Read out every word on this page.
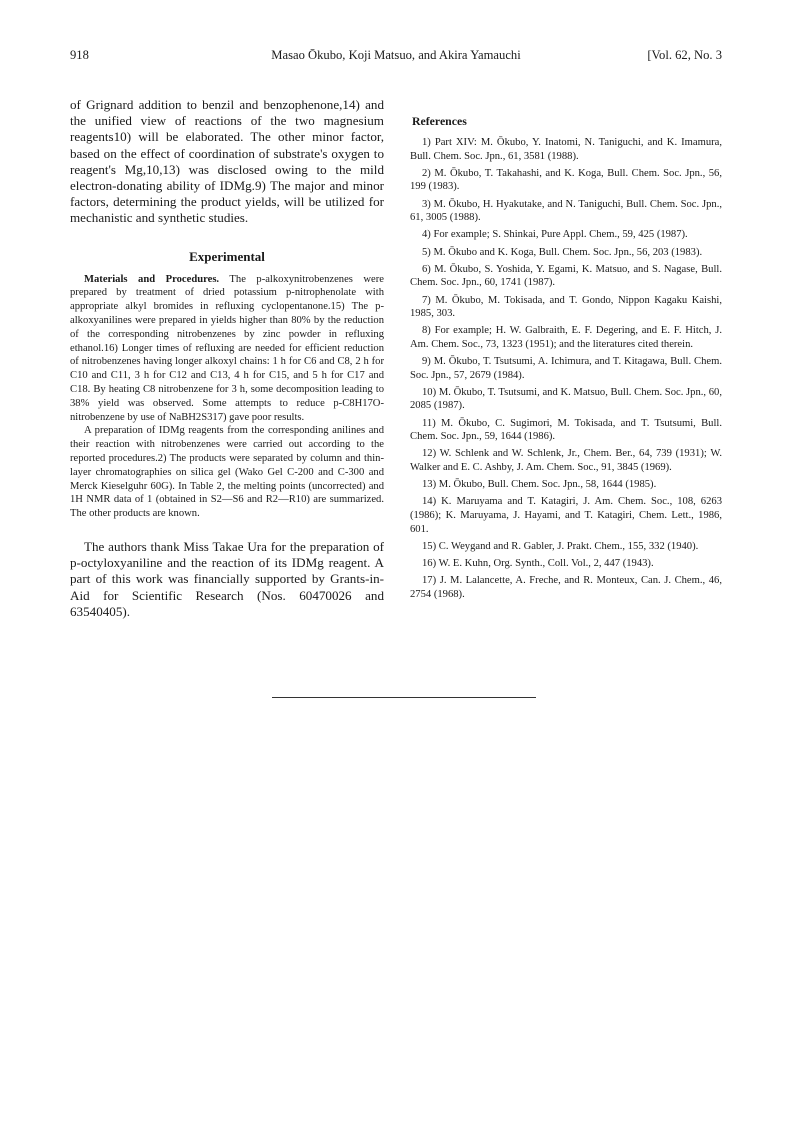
918	Masao Ōkubo, Koji Matsuo, and Akira Yamauchi	[Vol. 62, No. 3

of Grignard addition to benzil and benzophenone,14) and the unified view of reactions of the two magnesium reagents10) will be elaborated. The other minor factor, based on the effect of coordination of substrate's oxygen to reagent's Mg,10,13) was disclosed owing to the mild electron-donating ability of IDMg.9) The major and minor factors, determining the product yields, will be utilized for mechanistic and synthetic studies.

Experimental

Materials and Procedures. The p-alkoxynitrobenzenes were prepared by treatment of dried potassium p-nitrophenolate with appropriate alkyl bromides in refluxing cyclopentanone.15) The p-alkoxyanilines were prepared in yields higher than 80% by the reduction of the corresponding nitrobenzenes by zinc powder in refluxing ethanol.16) Longer times of refluxing are needed for efficient reduction of nitrobenzenes having longer alkoxyl chains: 1 h for C6 and C8, 2 h for C10 and C11, 3 h for C12 and C13, 4 h for C15, and 5 h for C17 and C18. By heating C8 nitrobenzene for 3 h, some decomposition leading to 38% yield was observed. Some attempts to reduce p-C8H17O-nitrobenzene by use of NaBH2S317) gave poor results.

A preparation of IDMg reagents from the corresponding anilines and their reaction with nitrobenzenes were carried out according to the reported procedures.2) The products were separated by column and thin-layer chromatographies on silica gel (Wako Gel C-200 and C-300 and Merck Kieselguhr 60G). In Table 2, the melting points (uncorrected) and 1H NMR data of 1 (obtained in S2—S6 and R2—R10) are summarized. The other products are known.

The authors thank Miss Takae Ura for the preparation of p-octyloxyaniline and the reaction of its IDMg reagent. A part of this work was financially supported by Grants-in-Aid for Scientific Research (Nos. 60470026 and 63540405).

References

1) Part XIV: M. Ōkubo, Y. Inatomi, N. Taniguchi, and K. Imamura, Bull. Chem. Soc. Jpn., 61, 3581 (1988).

2) M. Ōkubo, T. Takahashi, and K. Koga, Bull. Chem. Soc. Jpn., 56, 199 (1983).

3) M. Ōkubo, H. Hyakutake, and N. Taniguchi, Bull. Chem. Soc. Jpn., 61, 3005 (1988).

4) For example; S. Shinkai, Pure Appl. Chem., 59, 425 (1987).

5) M. Ōkubo and K. Koga, Bull. Chem. Soc. Jpn., 56, 203 (1983).

6) M. Ōkubo, S. Yoshida, Y. Egami, K. Matsuo, and S. Nagase, Bull. Chem. Soc. Jpn., 60, 1741 (1987).

7) M. Ōkubo, M. Tokisada, and T. Gondo, Nippon Kagaku Kaishi, 1985, 303.

8) For example; H. W. Galbraith, E. F. Degering, and E. F. Hitch, J. Am. Chem. Soc., 73, 1323 (1951); and the literatures cited therein.

9) M. Ōkubo, T. Tsutsumi, A. Ichimura, and T. Kitagawa, Bull. Chem. Soc. Jpn., 57, 2679 (1984).

10) M. Ōkubo, T. Tsutsumi, and K. Matsuo, Bull. Chem. Soc. Jpn., 60, 2085 (1987).

11) M. Ōkubo, C. Sugimori, M. Tokisada, and T. Tsutsumi, Bull. Chem. Soc. Jpn., 59, 1644 (1986).

12) W. Schlenk and W. Schlenk, Jr., Chem. Ber., 64, 739 (1931); W. Walker and E. C. Ashby, J. Am. Chem. Soc., 91, 3845 (1969).

13) M. Ōkubo, Bull. Chem. Soc. Jpn., 58, 1644 (1985).

14) K. Maruyama and T. Katagiri, J. Am. Chem. Soc., 108, 6263 (1986); K. Maruyama, J. Hayami, and T. Katagiri, Chem. Lett., 1986, 601.

15) C. Weygand and R. Gabler, J. Prakt. Chem., 155, 332 (1940).

16) W. E. Kuhn, Org. Synth., Coll. Vol., 2, 447 (1943).

17) J. M. Lalancette, A. Freche, and R. Monteux, Can. J. Chem., 46, 2754 (1968).
